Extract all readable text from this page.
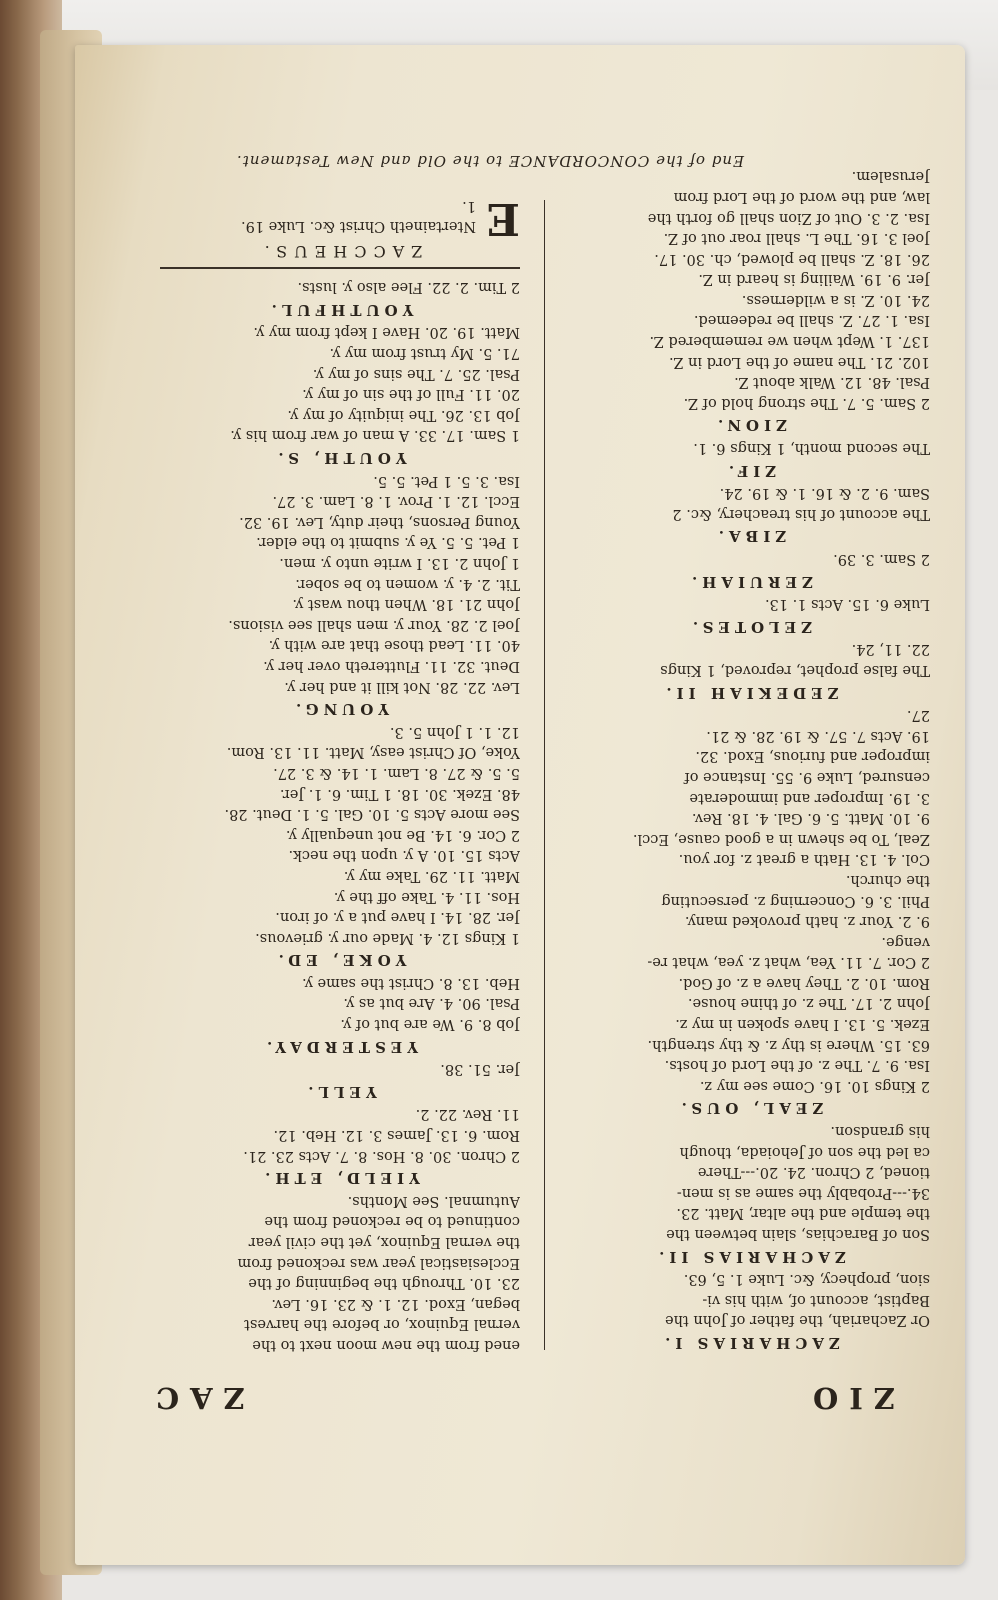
ZIO
ZAC
ZACHARIAS I.
Or Zachariah, the father of John the
Baptist, account of, with his vi-
sion, prophecy, &c. Luke 1. 5, 63.
ZACHARIAS II.
Son of Barachias, slain between the
the temple and the altar, Matt. 23.
34.---Probably the same as is men-
tioned, 2 Chron. 24. 20.---There
ca led the son of Jehoiada, though
his grandson.
ZEAL, OUS.
2 Kings 10. 16. Come see my z.
Isa. 9. 7. The z. of the Lord of hosts.
63. 15. Where is thy z. & thy strength.
Ezek. 5. 13. I have spoken in my z.
John 2. 17. The z. of thine house.
Rom. 10. 2. They have a z. of God.
2 Cor. 7. 11. Yea, what z. yea, what re-
venge.
9. 2. Your z. hath provoked many.
Phil. 3. 6. Concerning z. persecuting
the church.
Col. 4. 13. Hath a great z. for you.
Zeal, To be shewn in a good cause, Eccl.
9. 10. Matt. 5. 6. Gal. 4. 18. Rev.
3. 19. Improper and immoderate
censured, Luke 9. 55. Instance of
improper and furious, Exod. 32.
19. Acts 7. 57. & 19. 28. & 21.
27.
ZEDEKIAH II.
The false prophet, reproved, 1 Kings
22. 11, 24.
ZELOTES.
Luke 6. 15. Acts 1. 13.
ZERUIAH.
2 Sam. 3. 39.
ZIBA.
The account of his treachery, &c. 2
Sam. 9. 2. & 16. 1. & 19. 24.
ZIF.
The second month, 1 Kings 6. 1.
ZION.
2 Sam. 5. 7. The strong hold of Z.
Psal. 48. 12. Walk about Z.
102. 21. The name of the Lord in Z.
137. 1. Wept when we remembered Z.
Isa. 1. 27. Z. shall be redeemed.
24. 10. Z. is a wilderness.
Jer. 9. 19. Wailing is heard in Z.
26. 18. Z. shall be plowed, ch. 30. 17.
Joel 3. 16. The L. shall roar out of Z.
Isa. 2. 3. Out of Zion shall go forth the
law, and the word of the Lord from
Jerusalem.
ened from the new moon next to the
vernal Equinox, or before the harvest
began, Exod. 12. 1. & 23. 16. Lev.
23. 10. Through the beginning of the
Ecclesiastical year was reckoned from
the vernal Equinox, yet the civil year
continued to be reckoned from the
Autumnal. See Months.
YIELD, ETH.
2 Chron. 30. 8. Hos. 8. 7. Acts 23. 21.
Rom. 6. 13. James 3. 12. Heb. 12.
11. Rev. 22. 2.
YELL.
Jer. 51. 38.
YESTERDAY.
Job 8. 9. We are but of y.
Psal. 90. 4. Are but as y.
Heb. 13. 8. Christ the same y.
YOKE, ED.
1 Kings 12. 4. Made our y. grievous.
Jer. 28. 14. I have put a y. of iron.
Hos. 11. 4. Take off the y.
Matt. 11. 29. Take my y.
Acts 15. 10. A y. upon the neck.
2 Cor. 6. 14. Be not unequally y.
See more Acts 5. 10. Gal. 5. 1. Deut. 28.
48. Ezek. 30. 18. 1 Tim. 6. 1. Jer.
5. 5. & 27. 8. Lam. 1. 14. & 3. 27.
Yoke, Of Christ easy, Matt. 11. 13. Rom.
12. 1. 1 John 5. 3.
YOUNG.
Lev. 22. 28. Not kill it and her y.
Deut. 32. 11. Fluttereth over her y.
40. 11. Lead those that are with y.
Joel 2. 28. Your y. men shall see visions.
John 21. 18. When thou wast y.
Tit. 2. 4. y. women to be sober.
1 John 2. 13. I write unto y. men.
1 Pet. 5. 5. Ye y. submit to the elder.
Young Persons, their duty, Lev. 19. 32.
Eccl. 12. 1. Prov. 1. 8. Lam. 3. 27.
Isa. 3. 5. 1 Pet. 5. 5.
YOUTH, S.
1 Sam. 17. 33. A man of war from his y.
Job 13. 26. The iniquity of my y.
20. 11. Full of the sin of my y.
Psal. 25. 7. The sins of my y.
71. 5. My trust from my y.
Matt. 19. 20. Have I kept from my y.
YOUTHFUL.
2 Tim. 2. 22. Flee also y. lusts.
ZACCHEUS.
E
Ntertaineth Christ &c. Luke 19.
1.
End of the CONCORDANCE to the Old and New Testament.
